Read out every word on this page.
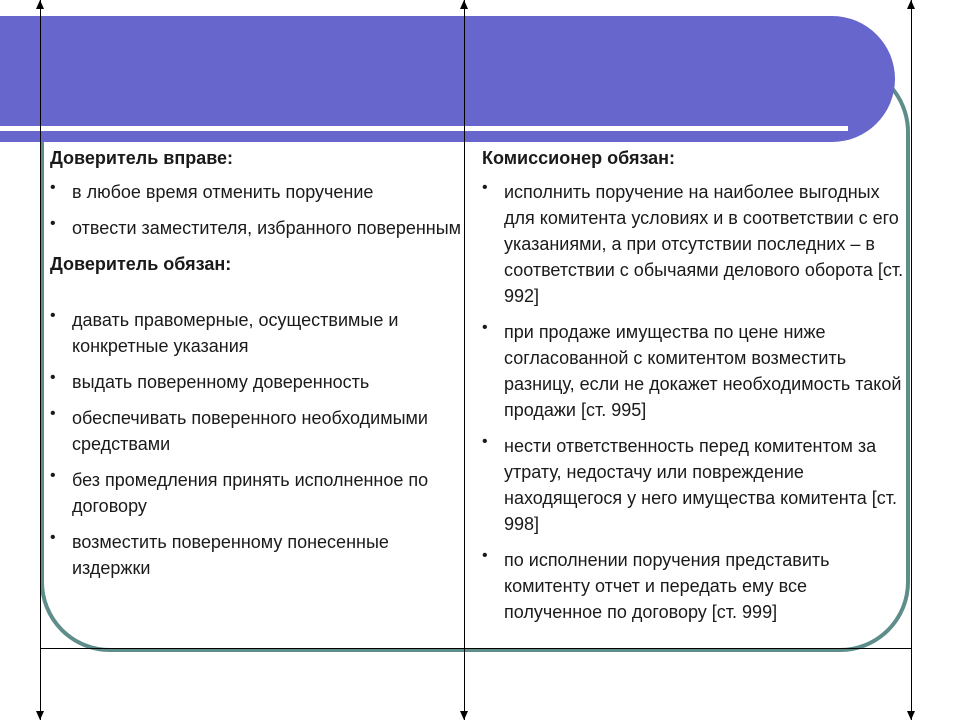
Доверитель вправе:

• в любое время отменить поручение
• отвести заместителя, избранного поверенным

Доверитель обязан:

• давать правомерные, осуществимые и конкретные указания
• выдать поверенному доверенность
• обеспечивать поверенного необходимыми средствами
• без промедления принять исполненное по договору
• возместить поверенному понесенные издержки

Комиссионер обязан:

• исполнить поручение на наиболее выгодных для комитента условиях и в соответствии с его указаниями, а при отсутствии последних – в соответствии с обычаями делового оборота [ст. 992]
• при продаже имущества по цене ниже согласованной с комитентом возместить разницу, если не докажет необходимость такой продажи [ст. 995]
• нести ответственность перед комитентом за утрату, недостачу или повреждение находящегося у него имущества комитента [ст. 998]
• по исполнении поручения представить комитенту отчет и передать ему все полученное по договору [ст. 999]
